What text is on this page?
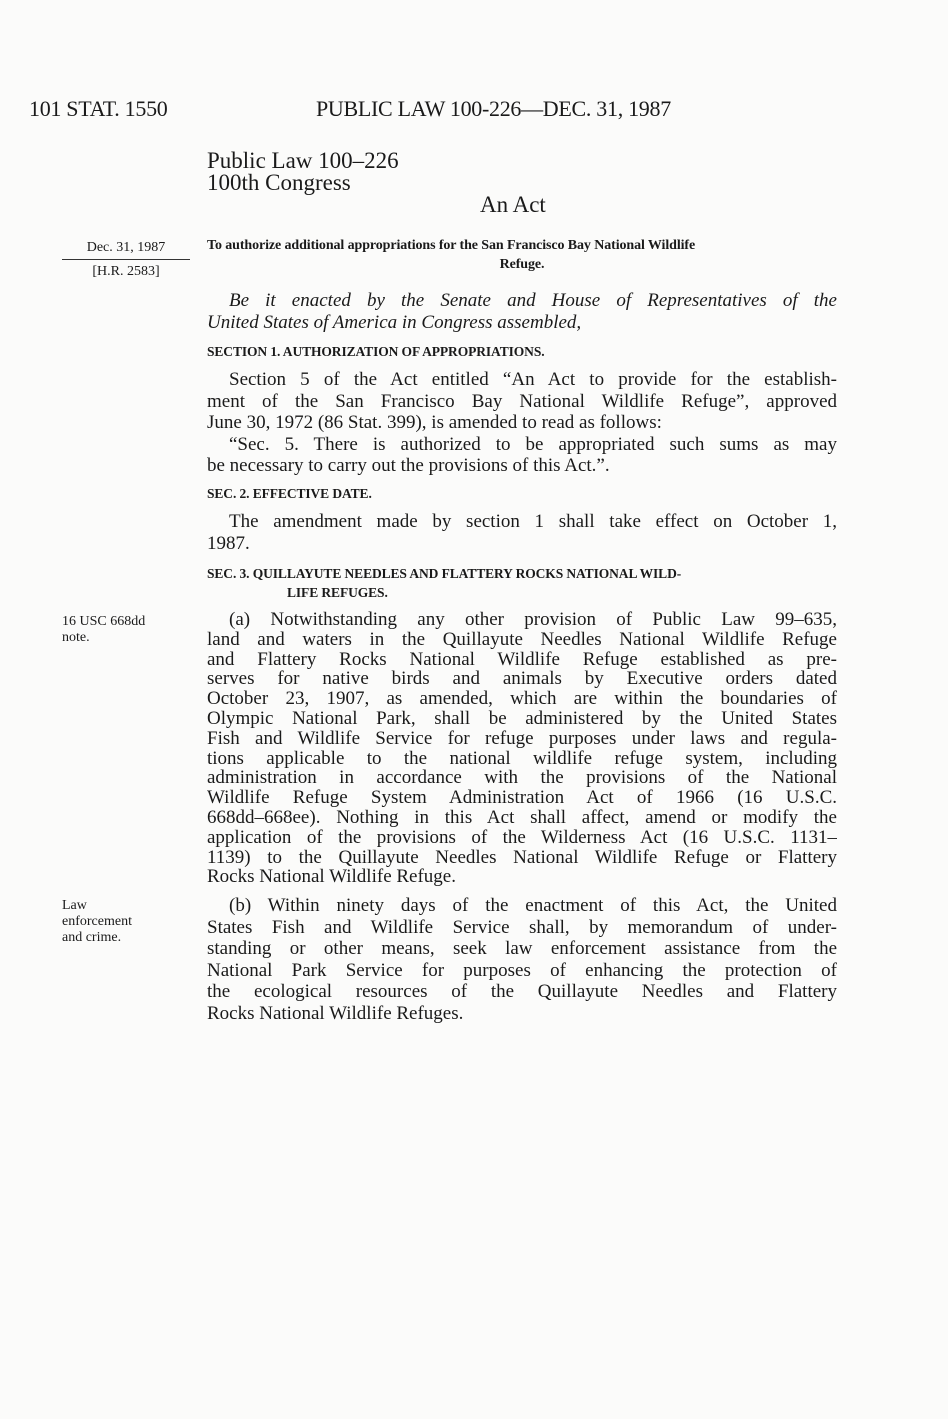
101 STAT. 1550	PUBLIC LAW 100-226—DEC. 31, 1987
Public Law 100–226
100th Congress
An Act
Dec. 31, 1987
[H.R. 2583]
To authorize additional appropriations for the San Francisco Bay National Wildlife
Refuge.
Be it enacted by the Senate and House of Representatives of the
United States of America in Congress assembled,
SECTION 1. AUTHORIZATION OF APPROPRIATIONS.
Section 5 of the Act entitled “An Act to provide for the establish-
ment of the San Francisco Bay National Wildlife Refuge”, approved
June 30, 1972 (86 Stat. 399), is amended to read as follows:
“Sec. 5. There is authorized to be appropriated such sums as may
be necessary to carry out the provisions of this Act.”.
SEC. 2. EFFECTIVE DATE.
The amendment made by section 1 shall take effect on October 1,
1987.
SEC. 3. QUILLAYUTE NEEDLES AND FLATTERY ROCKS NATIONAL WILD-
LIFE REFUGES.
16 USC 668dd
note.
(a) Notwithstanding any other provision of Public Law 99–635,
land and waters in the Quillayute Needles National Wildlife Refuge
and Flattery Rocks National Wildlife Refuge established as pre-
serves for native birds and animals by Executive orders dated
October 23, 1907, as amended, which are within the boundaries of
Olympic National Park, shall be administered by the United States
Fish and Wildlife Service for refuge purposes under laws and regula-
tions applicable to the national wildlife refuge system, including
administration in accordance with the provisions of the National
Wildlife Refuge System Administration Act of 1966 (16 U.S.C.
668dd–668ee). Nothing in this Act shall affect, amend or modify the
application of the provisions of the Wilderness Act (16 U.S.C. 1131–
1139) to the Quillayute Needles National Wildlife Refuge or Flattery
Rocks National Wildlife Refuge.
Law
enforcement
and crime.
(b) Within ninety days of the enactment of this Act, the United
States Fish and Wildlife Service shall, by memorandum of under-
standing or other means, seek law enforcement assistance from the
National Park Service for purposes of enhancing the protection of
the ecological resources of the Quillayute Needles and Flattery
Rocks National Wildlife Refuges.
